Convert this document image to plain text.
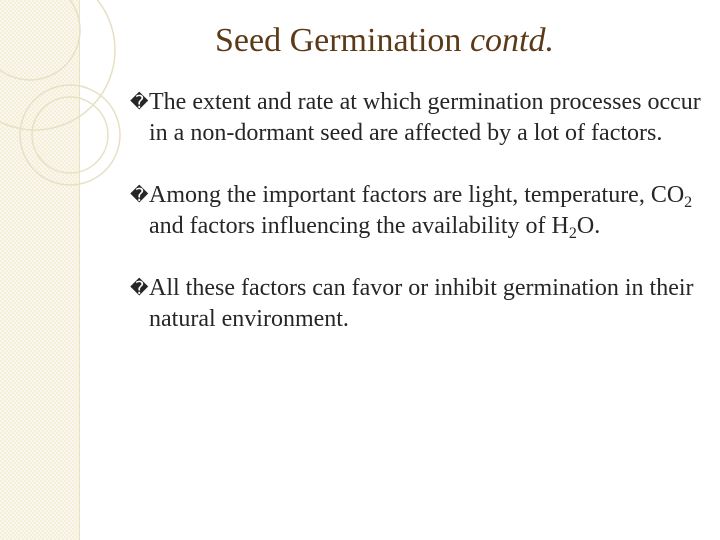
Seed Germination contd.
� The extent and rate at which germination processes occur in a non-dormant seed are affected by a lot of factors.
� Among the important factors are light, temperature, $CO_2$ and factors influencing the availability of $H_2O$.
� All these factors can favor or inhibit germination in their natural environment.
